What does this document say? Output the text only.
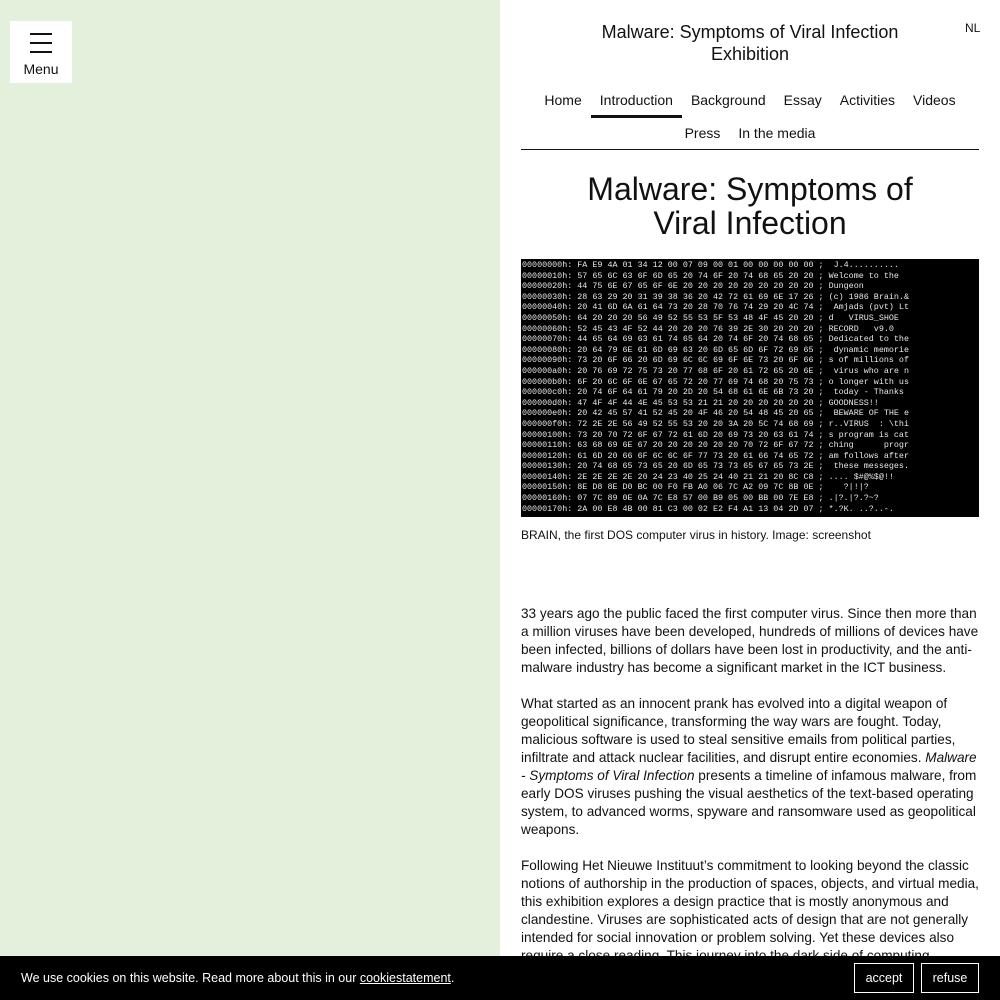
Menu
Malware: Symptoms of Viral Infection
Exhibition
NL
Home	Introduction	Background	Essay	Activities	Videos
Press	In the media
Malware: Symptoms of
Viral Infection
00000000h: FA E9 4A 01 34 12 00 07 09 00 01 00 00 00 00 00 ;  J.4..........
00000010h: 57 65 6C 63 6F 6D 65 20 74 6F 20 74 68 65 20 20 ; Welcome to the
00000020h: 44 75 6E 67 65 6F 6E 20 20 20 20 20 20 20 20 20 ; Dungeon
00000030h: 28 63 29 20 31 39 38 36 20 42 72 61 69 6E 17 26 ; (c) 1986 Brain.&
00000040h: 20 41 6D 6A 61 64 73 20 28 70 76 74 29 20 4C 74 ;  Amjads (pvt) Lt
00000050h: 64 20 20 20 56 49 52 55 53 5F 53 48 4F 45 20 20 ; d   VIRUS_SHOE
00000060h: 52 45 43 4F 52 44 20 20 20 76 39 2E 30 20 20 20 ; RECORD   v9.0
00000070h: 44 65 64 69 63 61 74 65 64 20 74 6F 20 74 68 65 ; Dedicated to the
00000080h: 20 64 79 6E 61 6D 69 63 20 6D 65 6D 6F 72 69 65 ;  dynamic memorie
00000090h: 73 20 6F 66 20 6D 69 6C 6C 69 6F 6E 73 20 6F 66 ; s of millions of
000000a0h: 20 76 69 72 75 73 20 77 68 6F 20 61 72 65 20 6E ;  virus who are n
000000b0h: 6F 20 6C 6F 6E 67 65 72 20 77 69 74 68 20 75 73 ; o longer with us
000000c0h: 20 74 6F 64 61 79 20 2D 20 54 68 61 6E 6B 73 20 ;  today - Thanks
000000d0h: 47 4F 4F 44 4E 45 53 53 21 21 20 20 20 20 20 20 ; GOODNESS!!
000000e0h: 20 42 45 57 41 52 45 20 4F 46 20 54 48 45 20 65 ;  BEWARE OF THE e
000000f0h: 72 2E 2E 56 49 52 55 53 20 20 3A 20 5C 74 68 69 ; r..VIRUS  : \thi
00000100h: 73 20 70 72 6F 67 72 61 6D 20 69 73 20 63 61 74 ; s program is cat
00000110h: 63 68 69 6E 67 20 20 20 20 20 20 70 72 6F 67 72 ; ching      progr
00000120h: 61 6D 20 66 6F 6C 6C 6F 77 73 20 61 66 74 65 72 ; am follows after
00000130h: 20 74 68 65 73 65 20 6D 65 73 73 65 67 65 73 2E ;  these messeges.
00000140h: 2E 2E 2E 2E 20 24 23 40 25 24 40 21 21 20 8C C8 ; .... $#@%$@!!
00000150h: 8E D8 8E D0 BC 00 F0 FB A0 06 7C A2 09 7C 8B 0E ;    ?|!|?
00000160h: 07 7C 89 0E 0A 7C E8 57 00 B9 05 00 BB 00 7E E8 ; .|?.|?.?~?
00000170h: 2A 00 E8 4B 00 81 C3 00 02 E2 F4 A1 13 04 2D 07 ; *.?K. ..?..-.
BRAIN, the first DOS computer virus in history. Image: screenshot

33 years ago the public faced the first computer virus. Since then more than a million viruses have been developed, hundreds of millions of devices have been infected, billions of dollars have been lost in productivity, and the anti-malware industry has become a significant market in the ICT business.

What started as an innocent prank has evolved into a digital weapon of geopolitical significance, transforming the way wars are fought. Today, malicious software is used to steal sensitive emails from political parties, infiltrate and attack nuclear facilities, and disrupt entire economies. Malware - Symptoms of Viral Infection presents a timeline of infamous malware, from early DOS viruses pushing the visual aesthetics of the text-based operating system, to advanced worms, spyware and ransomware used as geopolitical weapons.

Following Het Nieuwe Instituut’s commitment to looking beyond the classic notions of authorship in the production of spaces, objects, and virtual media, this exhibition explores a design practice that is mostly anonymous and clandestine. Viruses are sophisticated acts of design that are not generally intended for social innovation or problem solving. Yet these devices also

We use cookies on this website. Read more about this in our cookiestatement.	accept	refuse
